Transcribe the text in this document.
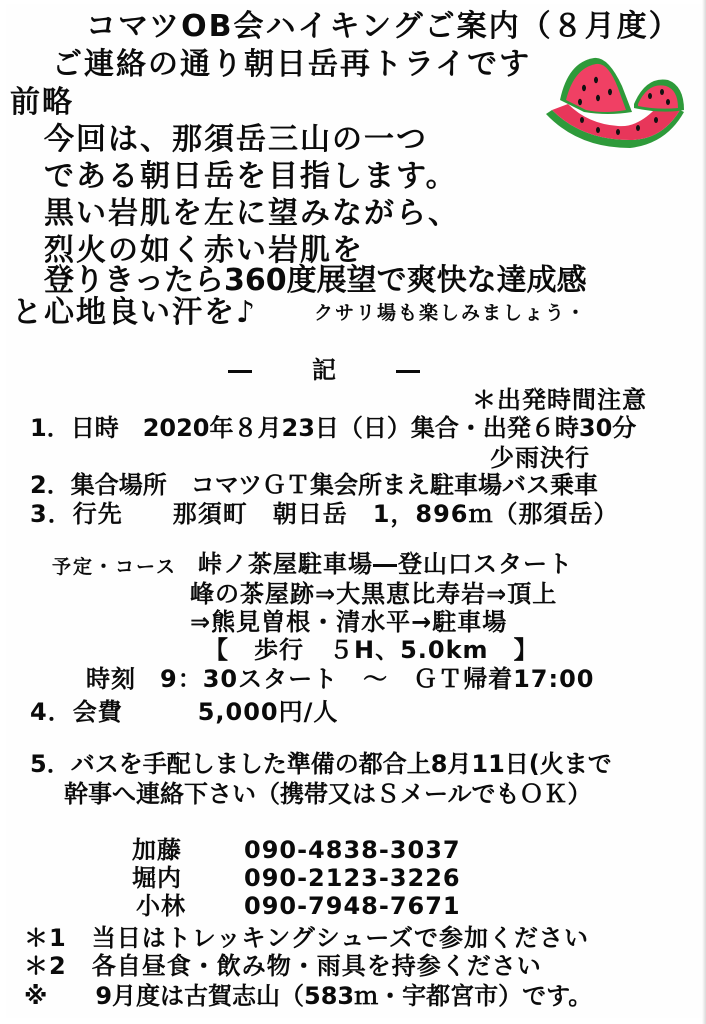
コマツOB会ハイキングご案内（８月度）
ご連絡の通り朝日岳再トライです
前略
今回は、那須岳三山の一つ
である朝日岳を目指します。
黒い岩肌を左に望みながら、
烈火の如く赤い岩肌を
登りきったら360度展望で爽快な達成感
と心地良い汗を♪	クサリ場も楽しみましょう・
―　記　―
＊出発時間注意
1．日時　2020年８月23日（日）集合・出発６時30分
少雨決行
2．集合場所　コマツＧＴ集会所まえ駐車場バス乗車
3．行先　　那須町　朝日岳　1，896ｍ（那須岳）
予定・コース 峠ノ茶屋駐車場―登山口スタート
峰の茶屋跡⇒大黒恵比寿岩⇒頂上
⇒熊見曽根・清水平→駐車場
【　歩行　５H、5.0km　】
時刻 9：30スタート　～　ＧＴ帰着17:00
4．会費　　　5,000円/人
5．バスを手配しました準備の都合上8月11日(火まで
幹事へ連絡下さい（携帯又はＳメールでもＯＫ）
加藤	090-4838-3037
堀内	090-2123-3226
小林 090-7948-7671
＊1　当日はトレッキングシューズで参加ください
＊2　各自昼食・飲み物・雨具を持参ください
※　　9月度は古賀志山（583ｍ・宇都宮市）です。
